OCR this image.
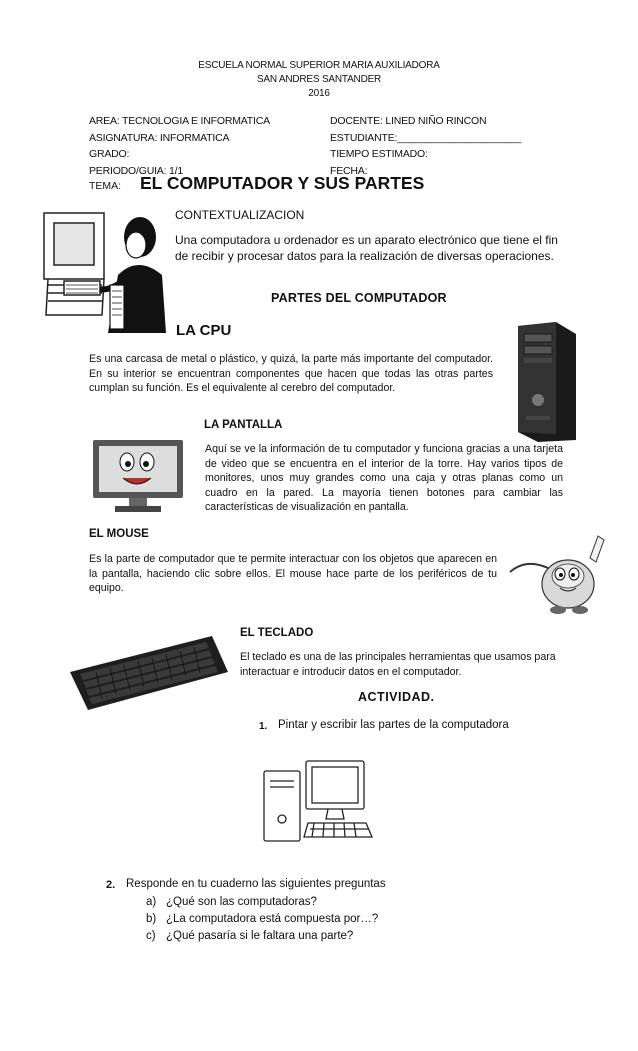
ESCUELA NORMAL SUPERIOR MARIA AUXILIADORA
SAN ANDRES SANTANDER
2016
AREA: TECNOLOGIA E INFORMATICA
ASIGNATURA: INFORMATICA
GRADO:
PERIODO/GUIA: 1/1
DOCENTE: LINED NIÑO RINCON
ESTUDIANTE:______________________
TIEMPO ESTIMADO:
FECHA:
TEMA: EL COMPUTADOR Y SUS PARTES
CONTEXTUALIZACION
Una computadora u ordenador es un aparato electrónico que tiene el fin de recibir y procesar datos para la realización de diversas operaciones.
PARTES DEL COMPUTADOR
LA CPU
Es una carcasa de metal o plástico, y quizá, la parte más importante del computador. En su interior se encuentran componentes que hacen que todas las otras partes cumplan su función. Es el equivalente al cerebro del computador.
LA PANTALLA
Aquí se ve la información de tu computador y funciona gracias a una tarjeta de video que se encuentra en el interior de la torre. Hay varios tipos de monitores, unos muy grandes como una caja y otras planas como un cuadro en la pared. La mayoría tienen botones para cambiar las características de visualización en pantalla.
EL MOUSE
Es la parte de computador que te permite interactuar con los objetos que aparecen en la pantalla, haciendo clic sobre ellos. El mouse hace parte de los periféricos de tu equipo.
EL TECLADO
El teclado es una de las principales herramientas que usamos para interactuar e introducir datos en el computador.
ACTIVIDAD.
1. Pintar y escribir las partes de la computadora
2. Responde en tu cuaderno las siguientes preguntas
a) ¿Qué son las computadoras?
b) ¿La computadora está compuesta por…?
c) ¿Qué pasaría si le faltara una parte?
